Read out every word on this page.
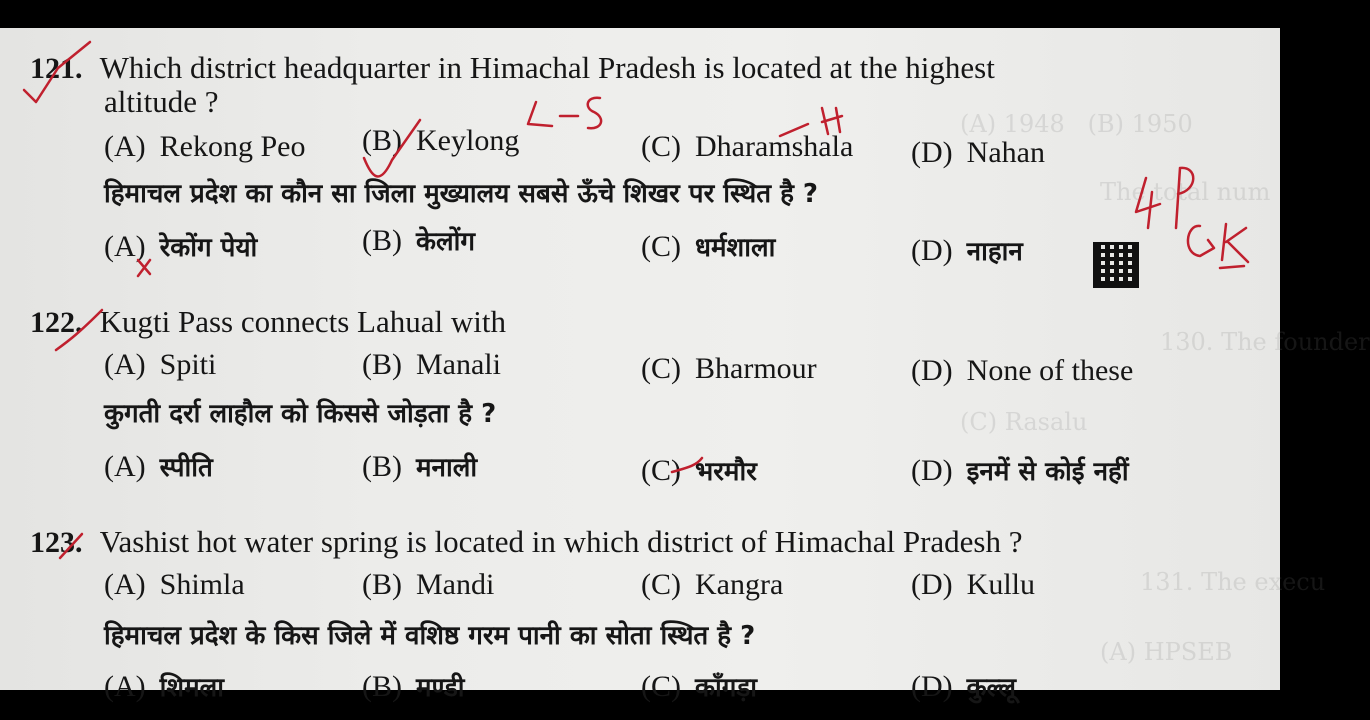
(A) 1948   (B) 1950
The total num
130. The founder
(C) Rasalu
131. The execu
(A) HPSEB
121. Which district headquarter in Himachal Pradesh is located at the highest
altitude ?
(A) Rekong Peo (B) Keylong	(C) Dharamshala (D) Nahan
हिमाचल प्रदेश का कौन सा जिला मुख्यालय सबसे ऊँचे शिखर पर स्थित है ?
(A) रेकोंग पेयो	(B) केलोंग	(C) धर्मशाला	(D) नाहान
122. Kugti Pass connects Lahual with
(A) Spiti	(B) Manali	(C) Bharmour	(D) None of these
कुगती दर्रा लाहौल को किससे जोड़ता है ?
(A) स्पीति	(B) मनाली	(C) भरमौर	(D) इनमें से कोई नहीं
123. Vashist hot water spring is located in which district of Himachal Pradesh ?
(A) Shimla	(B) Mandi	(C) Kangra	(D) Kullu
हिमाचल प्रदेश के किस जिले में वशिष्ठ गरम पानी का सोता स्थित है ?
(A) शिमला	(B) मण्डी	(C) काँगड़ा	(D) कुल्लू
